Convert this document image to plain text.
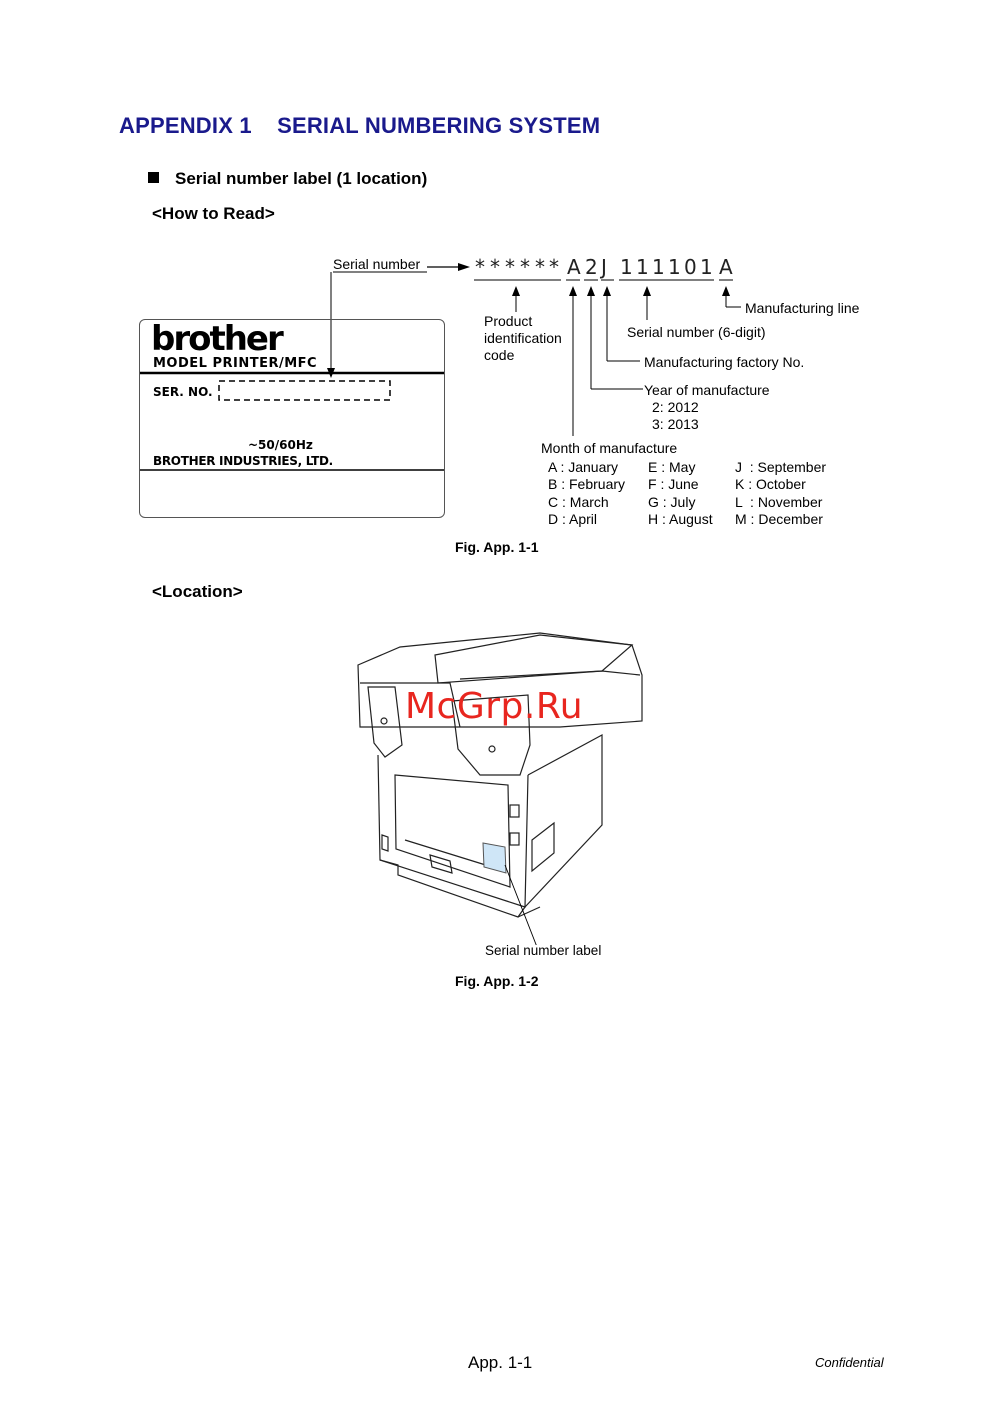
APPENDIX 1    SERIAL NUMBERING SYSTEM
Serial number label (1 location)
<How to Read>
Serial number	* * * * * * A 2 J 1 1 1 1 0 1 A
Manufacturing line
Serial number (6-digit)
Manufacturing factory No.
Product
identification
code
Year of manufacture
2: 2012
3: 2013
Month of manufacture
A : January E : May	J  : September
B : February F : June	K : October
C : March	G : July	L  : November
D : April	H : August M : December
brother
MODEL PRINTER/MFC
SER. NO.
~50/60Hz
BROTHER INDUSTRIES, LTD.
Fig. App. 1-1
<Location>
McGrp.Ru
Serial number label
Fig. App. 1-2
App. 1-1	Confidential
